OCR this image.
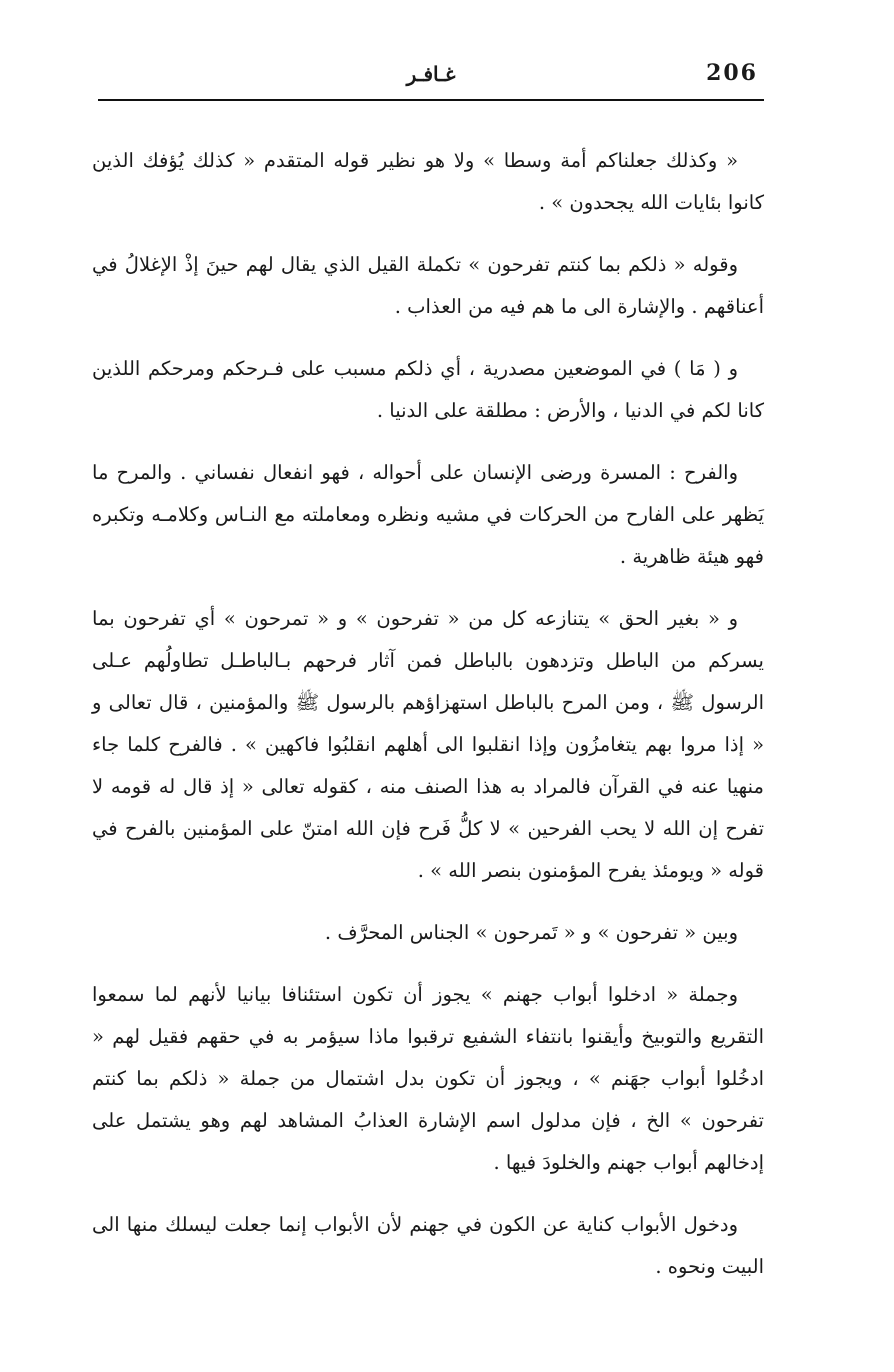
206
غـافـر

« وكذلك جعلناكم أمة وسطا » ولا هو نظير قوله المتقدم « كذلك يُؤفك الذين كانوا بئايات الله يجحدون » .

وقوله « ذلكم بما كنتم تفرحون » تكملة القيل الذي يقال لهم حينَ إذْ الإغلالُ في أعناقهم . والإشارة الى ما هم فيه من العذاب .

و ( مَا ) في الموضعين مصدرية ، أي ذلكم مسبب على فـرحكم ومرحكم اللذين كانا لكم في الدنيا ، والأرض : مطلقة على الدنيا .

والفرح : المسرة ورضى الإنسان على أحواله ، فهو انفعال نفساني . والمرح ما يَظهر على الفارح من الحركات في مشيه ونظره ومعاملته مع النـاس وكلامـه وتكبره فهو هيئة ظاهرية .

و « بغير الحق » يتنازعه كل من « تفرحون » و « تمرحون » أي تفرحون بما يسركم من الباطل وتزدهون بالباطل فمن آثار فرحهم بـالباطـل تطاولُهم عـلى الرسول ﷺ ، ومن المرح بالباطل استهزاؤهم بالرسول ﷺ والمؤمنين ، قال تعالى و « إذا مروا بهم يتغامزُون وإذا انقلبوا الى أهلهم انقلبُوا فاكهين » . فالفرح كلما جاء منهيا عنه في القرآن فالمراد به هذا الصنف منه ، كقوله تعالى « إذ قال له قومه لا تفرح إن الله لا يحب الفرحين » لا كلُّ فَرح فإن الله امتنّ على المؤمنين بالفرح في قوله « ويومئذ يفرح المؤمنون بنصر الله » .

وبين « تفرحون » و « تَمرحون » الجناس المحرَّف .

وجملة « ادخلوا أبواب جهنم » يجوز أن تكون استئنافا بيانيا لأنهم لما سمعوا التقريع والتوبيخ وأيقنوا بانتفاء الشفيع ترقبوا ماذا سيؤمر به في حقهم فقيل لهم « ادخُلوا أبواب جهَنم » ، ويجوز أن تكون بدل اشتمال من جملة « ذلكم بما كنتم تفرحون » الخ ، فإن مدلول اسم الإشارة العذابُ المشاهد لهم وهو يشتمل على إدخالهم أبواب جهنم والخلودَ فيها .

ودخول الأبواب كناية عن الكون في جهنم لأن الأبواب إنما جعلت ليسلك منها الى البيت ونحوه .
